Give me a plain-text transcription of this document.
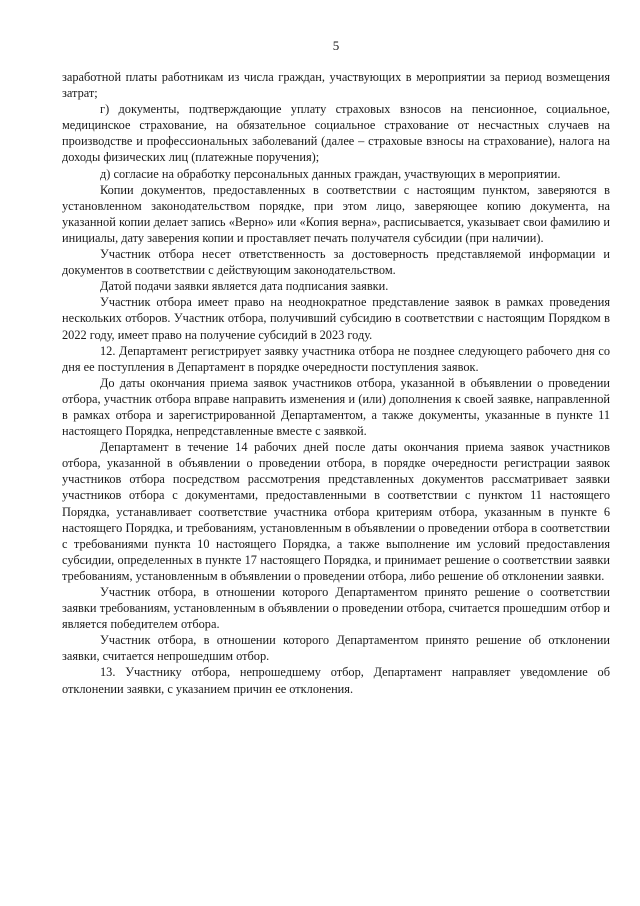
5

заработной платы работникам из числа граждан, участвующих в мероприятии за период возмещения затрат;

г) документы, подтверждающие уплату страховых взносов на пенсионное, социальное, медицинское страхование, на обязательное социальное страхование от несчастных случаев на производстве и профессиональных заболеваний (далее – страховые взносы на страхование), налога на доходы физических лиц (платежные поручения);

д) согласие на обработку персональных данных граждан, участвующих в мероприятии.

Копии документов, предоставленных в соответствии с настоящим пунктом, заверяются в установленном законодательством порядке, при этом лицо, заверяющее копию документа, на указанной копии делает запись «Верно» или «Копия верна», расписывается, указывает свои фамилию и инициалы, дату заверения копии и проставляет печать получателя субсидии (при наличии).

Участник отбора несет ответственность за достоверность представляемой информации и документов в соответствии с действующим законодательством.

Датой подачи заявки является дата подписания заявки.

Участник отбора имеет право на неоднократное представление заявок в рамках проведения нескольких отборов. Участник отбора, получивший субсидию в соответствии с настоящим Порядком в 2022 году, имеет право на получение субсидий в 2023 году.

12. Департамент регистрирует заявку участника отбора не позднее следующего рабочего дня со дня ее поступления в Департамент в порядке очередности поступления заявок.

До даты окончания приема заявок участников отбора, указанной в объявлении о проведении отбора, участник отбора вправе направить изменения и (или) дополнения к своей заявке, направленной в рамках отбора и зарегистрированной Департаментом, а также документы, указанные в пункте 11 настоящего Порядка, непредставленные вместе с заявкой.

Департамент в течение 14 рабочих дней после даты окончания приема заявок участников отбора, указанной в объявлении о проведении отбора, в порядке очередности регистрации заявок участников отбора посредством рассмотрения представленных документов рассматривает заявки участников отбора с документами, предоставленными в соответствии с пунктом 11 настоящего Порядка, устанавливает соответствие участника отбора критериям отбора, указанным в пункте 6 настоящего Порядка, и требованиям, установленным в объявлении о проведении отбора в соответствии с требованиями пункта 10 настоящего Порядка, а также выполнение им условий предоставления субсидии, определенных в пункте 17 настоящего Порядка, и принимает решение о соответствии заявки требованиям, установленным в объявлении о проведении отбора, либо решение об отклонении заявки.

Участник отбора, в отношении которого Департаментом принято решение о соответствии заявки требованиям, установленным в объявлении о проведении отбора, считается прошедшим отбор и является победителем отбора.

Участник отбора, в отношении которого Департаментом принято решение об отклонении заявки, считается непрошедшим отбор.

13. Участнику отбора, непрошедшему отбор, Департамент направляет уведомление об отклонении заявки, с указанием причин ее отклонения.
